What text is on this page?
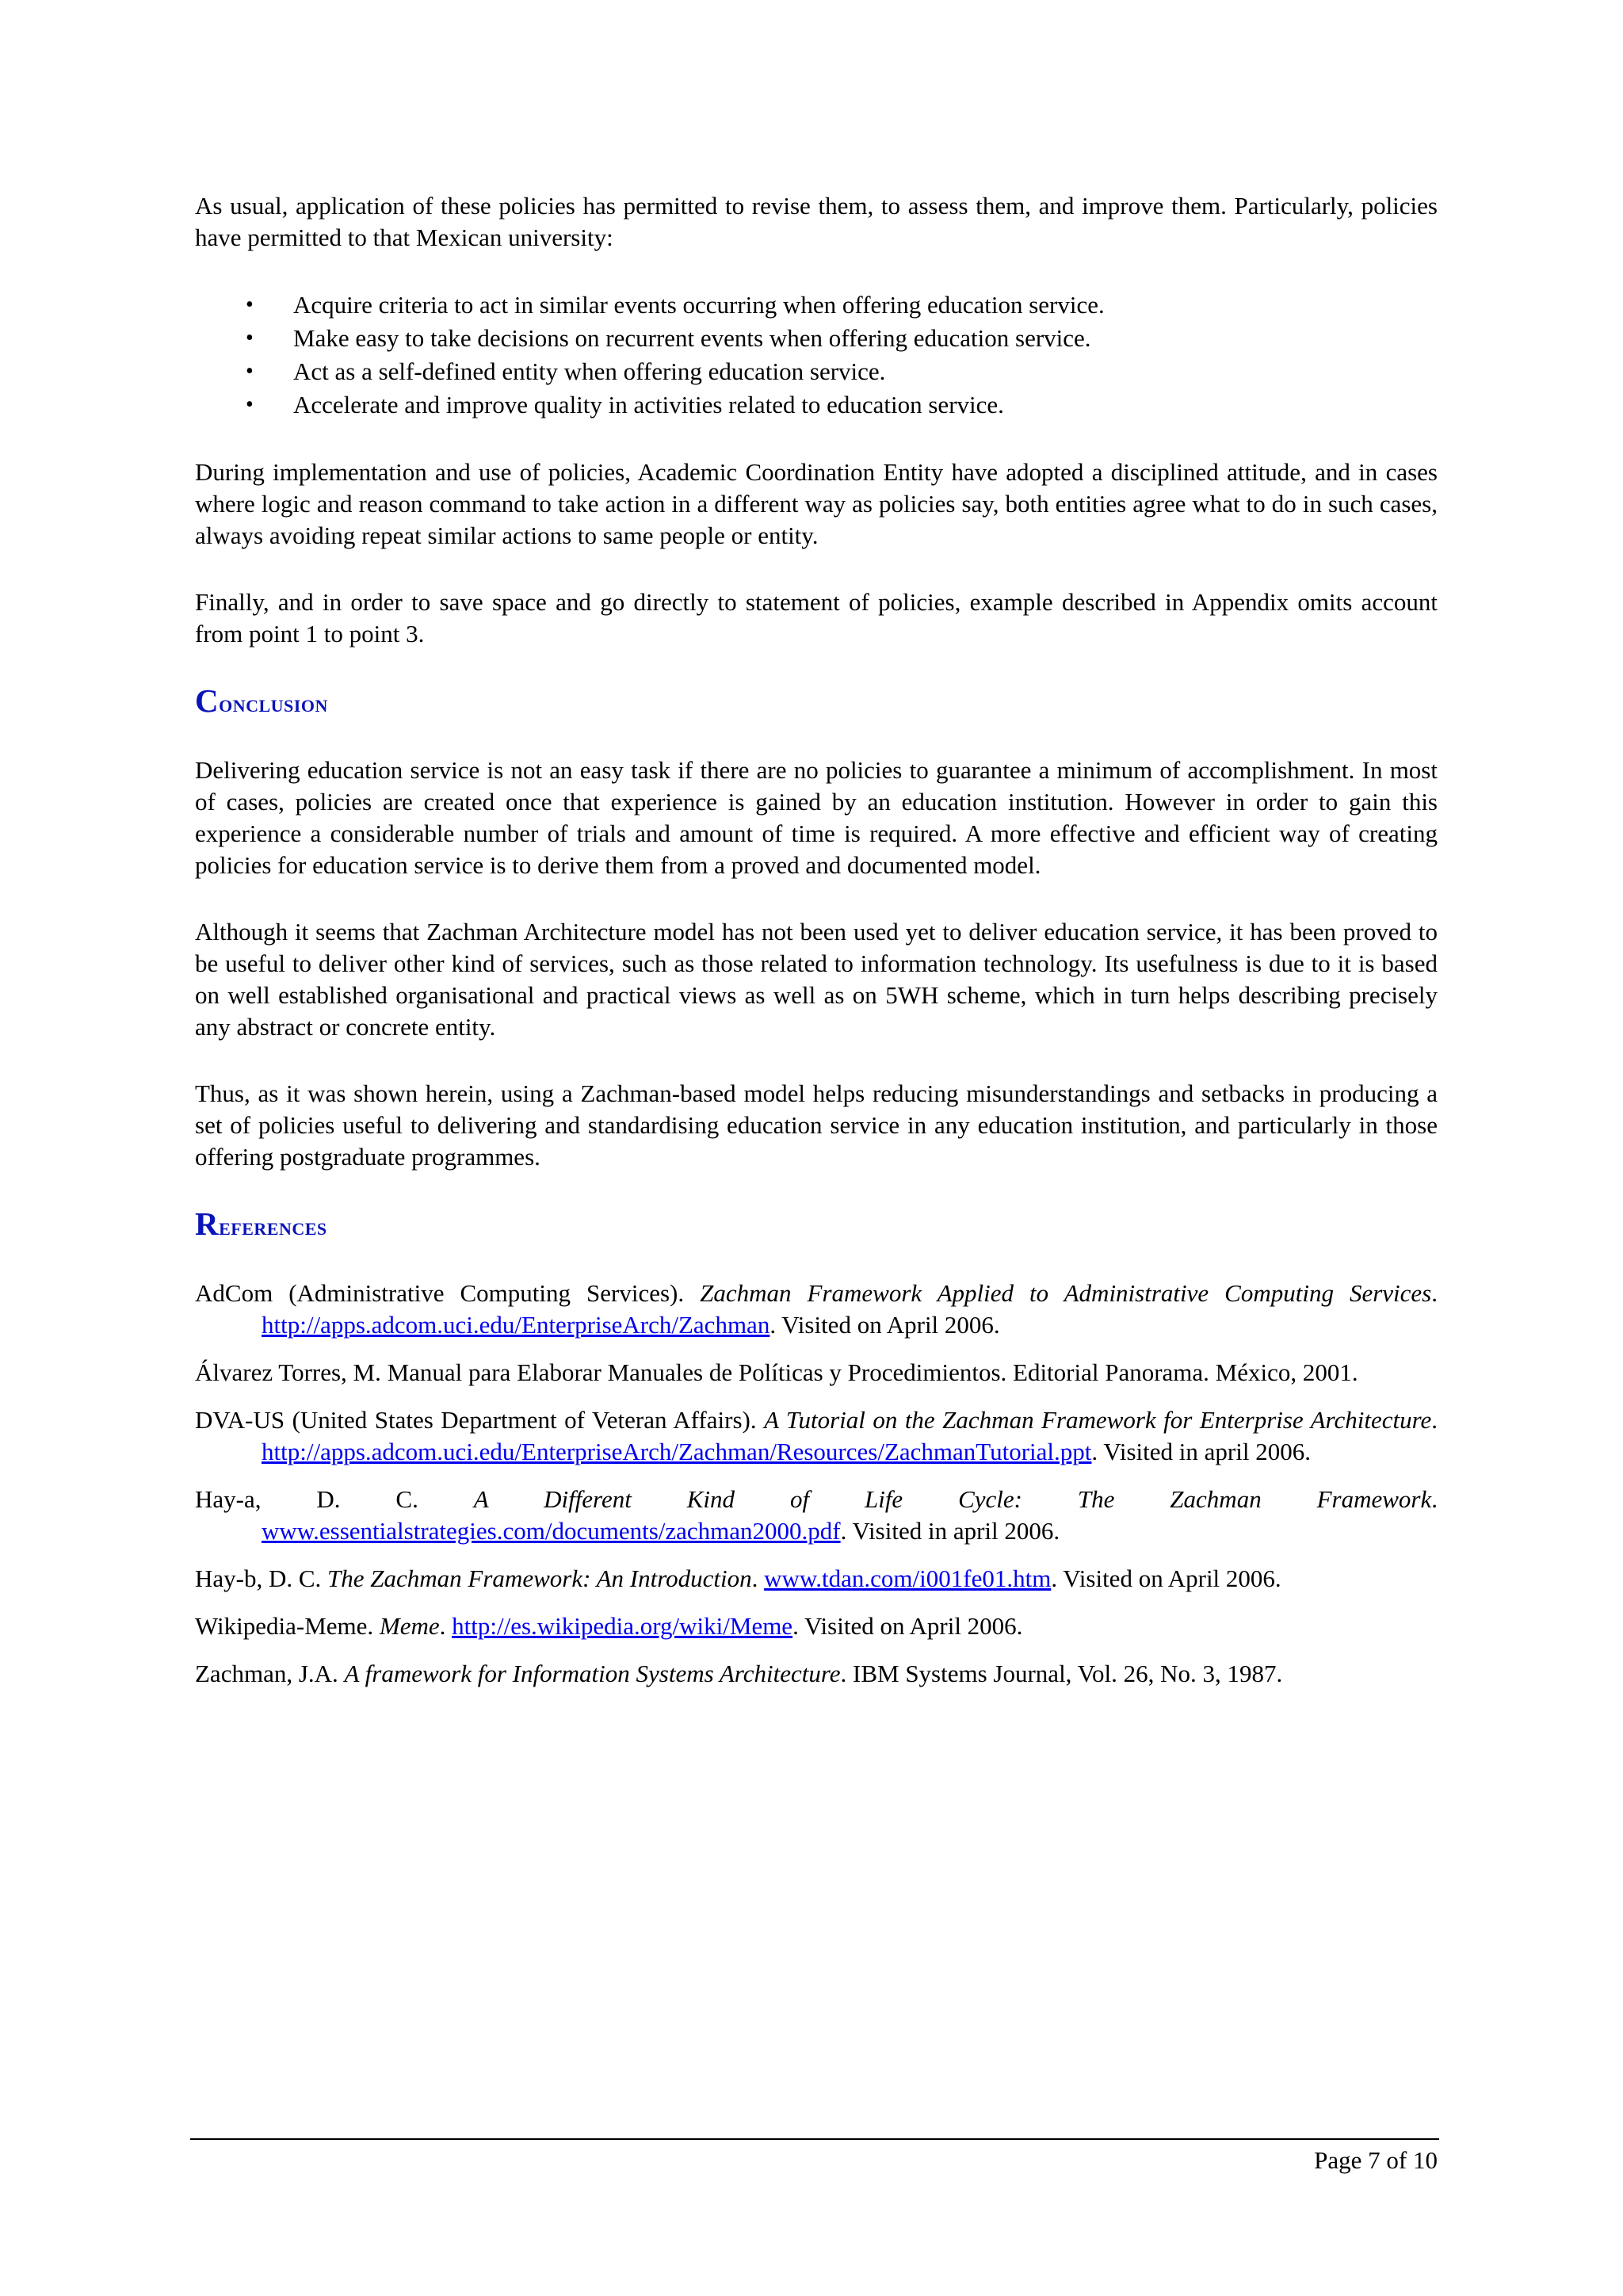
As usual, application of these policies has permitted to revise them, to assess them, and improve them. Particularly, policies have permitted to that Mexican university:

• Acquire criteria to act in similar events occurring when offering education service.
• Make easy to take decisions on recurrent events when offering education service.
• Act as a self-defined entity when offering education service.
• Accelerate and improve quality in activities related to education service.

During implementation and use of policies, Academic Coordination Entity have adopted a disciplined attitude, and in cases where logic and reason command to take action in a different way as policies say, both entities agree what to do in such cases, always avoiding repeat similar actions to same people or entity.

Finally, and in order to save space and go directly to statement of policies, example described in Appendix omits account from point 1 to point 3.

Conclusion

Delivering education service is not an easy task if there are no policies to guarantee a minimum of accomplishment. In most of cases, policies are created once that experience is gained by an education institution. However in order to gain this experience a considerable number of trials and amount of time is required. A more effective and efficient way of creating policies for education service is to derive them from a proved and documented model.

Although it seems that Zachman Architecture model has not been used yet to deliver education service, it has been proved to be useful to deliver other kind of services, such as those related to information technology. Its usefulness is due to it is based on well established organisational and practical views as well as on 5WH scheme, which in turn helps describing precisely any abstract or concrete entity.

Thus, as it was shown herein, using a Zachman-based model helps reducing misunderstandings and setbacks in producing a set of policies useful to delivering and standardising education service in any education institution, and particularly in those offering postgraduate programmes.

References
AdCom (Administrative Computing Services). Zachman Framework Applied to Administrative Computing Services. http://apps.adcom.uci.edu/EnterpriseArch/Zachman. Visited on April 2006.
Álvarez Torres, M. Manual para Elaborar Manuales de Políticas y Procedimientos. Editorial Panorama. México, 2001.
DVA-US (United States Department of Veteran Affairs). A Tutorial on the Zachman Framework for Enterprise Architecture. http://apps.adcom.uci.edu/EnterpriseArch/Zachman/Resources/ZachmanTutorial.ppt. Visited in april 2006.
Hay-a, D. C. A Different Kind of Life Cycle: The Zachman Framework. www.essentialstrategies.com/documents/zachman2000.pdf. Visited in april 2006.
Hay-b, D. C. The Zachman Framework: An Introduction. www.tdan.com/i001fe01.htm. Visited on April 2006.
Wikipedia-Meme. Meme. http://es.wikipedia.org/wiki/Meme. Visited on April 2006.
Zachman, J.A. A framework for Information Systems Architecture. IBM Systems Journal, Vol. 26, No. 3, 1987.
Page 7 of 10
